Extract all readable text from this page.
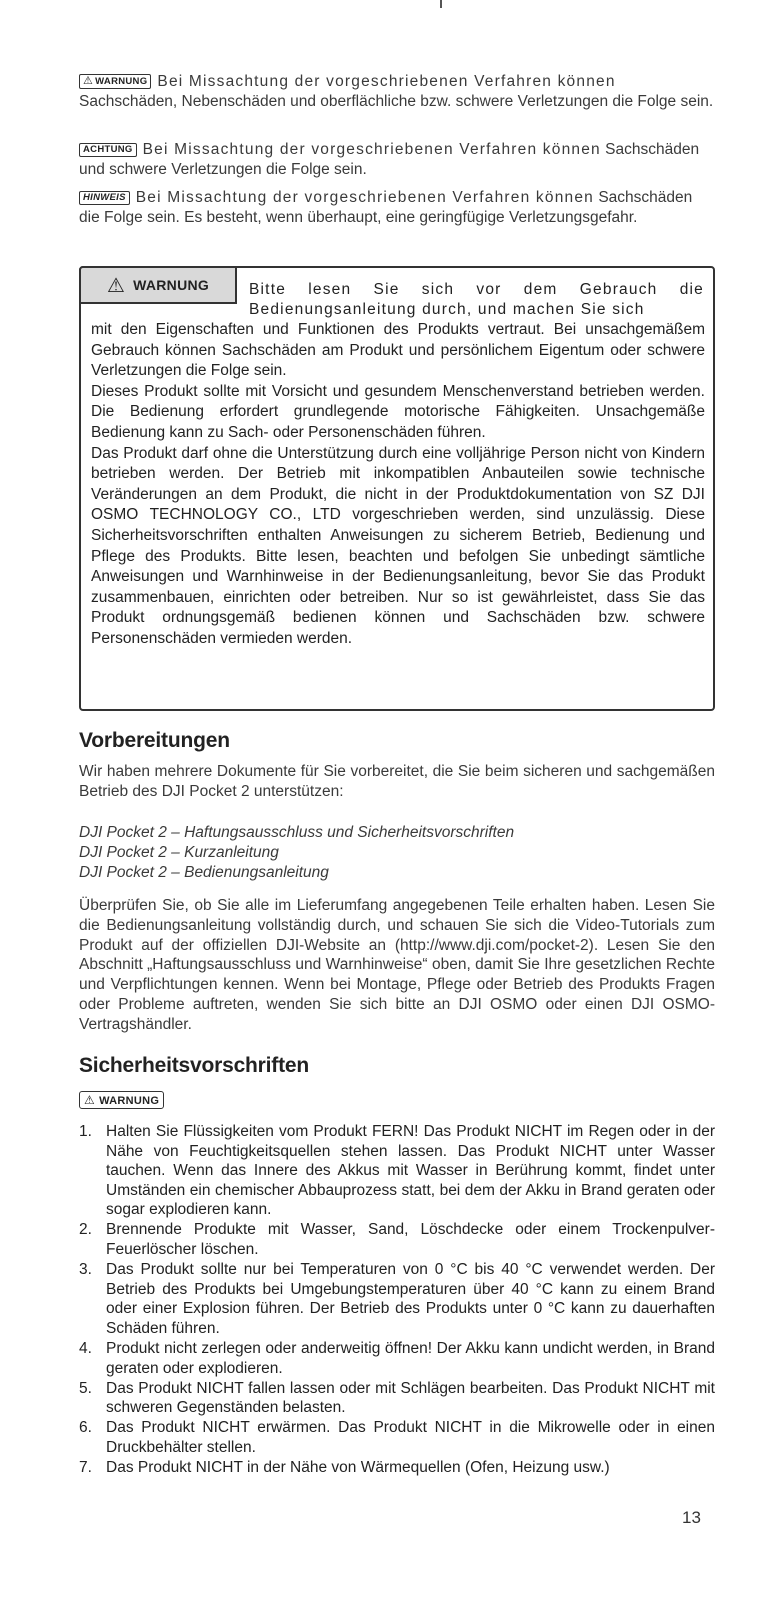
⚠ WARNUNG Bei Missachtung der vorgeschriebenen Verfahren können Sachschäden, Nebenschäden und oberflächliche bzw. schwere Verletzungen die Folge sein.
ACHTUNG Bei Missachtung der vorgeschriebenen Verfahren können Sachschäden und schwere Verletzungen die Folge sein.
HINWEIS Bei Missachtung der vorgeschriebenen Verfahren können Sachschäden die Folge sein. Es besteht, wenn überhaupt, eine geringfügige Verletzungsgefahr.
⚠ WARNUNG	Bitte lesen Sie sich vor dem Gebrauch die Bedienungsanleitung durch, und machen Sie sich

mit den Eigenschaften und Funktionen des Produkts vertraut. Bei unsachgemäßem Gebrauch können Sachschäden am Produkt und persönlichem Eigentum oder schwere Verletzungen die Folge sein.

Dieses Produkt sollte mit Vorsicht und gesundem Menschenverstand betrieben werden. Die Bedienung erfordert grundlegende motorische Fähigkeiten. Unsachgemäße Bedienung kann zu Sach- oder Personenschäden führen.

Das Produkt darf ohne die Unterstützung durch eine volljährige Person nicht von Kindern betrieben werden. Der Betrieb mit inkompatiblen Anbauteilen sowie technische Veränderungen an dem Produkt, die nicht in der Produktdokumentation von SZ DJI OSMO TECHNOLOGY CO., LTD vorgeschrieben werden, sind unzulässig. Diese Sicherheitsvorschriften enthalten Anweisungen zu sicherem Betrieb, Bedienung und Pflege des Produkts. Bitte lesen, beachten und befolgen Sie unbedingt sämtliche Anweisungen und Warnhinweise in der Bedienungsanleitung, bevor Sie das Produkt zusammenbauen, einrichten oder betreiben. Nur so ist gewährleistet, dass Sie das Produkt ordnungsgemäß bedienen können und Sachschäden bzw. schwere Personenschäden vermieden werden.

Vorbereitungen

Wir haben mehrere Dokumente für Sie vorbereitet, die Sie beim sicheren und sachgemäßen Betrieb des DJI Pocket 2 unterstützen:

DJI Pocket 2 – Haftungsausschluss und Sicherheitsvorschriften
DJI Pocket 2 – Kurzanleitung
DJI Pocket 2 – Bedienungsanleitung

Überprüfen Sie, ob Sie alle im Lieferumfang angegebenen Teile erhalten haben. Lesen Sie die Bedienungsanleitung vollständig durch, und schauen Sie sich die Video-Tutorials zum Produkt auf der offiziellen DJI-Website an (http://www.dji.com/pocket-2). Lesen Sie den Abschnitt „Haftungsausschluss und Warnhinweise“ oben, damit Sie Ihre gesetzlichen Rechte und Verpflichtungen kennen. Wenn bei Montage, Pflege oder Betrieb des Produkts Fragen oder Probleme auftreten, wenden Sie sich bitte an DJI OSMO oder einen DJI OSMO-Vertragshändler.

Sicherheitsvorschriften
⚠ WARNUNG
1. Halten Sie Flüssigkeiten vom Produkt FERN! Das Produkt NICHT im Regen oder in der Nähe von Feuchtigkeitsquellen stehen lassen. Das Produkt NICHT unter Wasser tauchen. Wenn das Innere des Akkus mit Wasser in Berührung kommt, findet unter Umständen ein chemischer Abbauprozess statt, bei dem der Akku in Brand geraten oder sogar explodieren kann.
2. Brennende Produkte mit Wasser, Sand, Löschdecke oder einem Trockenpulver-Feuerlöscher löschen.
3. Das Produkt sollte nur bei Temperaturen von 0 °C bis 40 °C verwendet werden. Der Betrieb des Produkts bei Umgebungstemperaturen über 40 °C kann zu einem Brand oder einer Explosion führen. Der Betrieb des Produkts unter 0 °C kann zu dauerhaften Schäden führen.
4. Produkt nicht zerlegen oder anderweitig öffnen! Der Akku kann undicht werden, in Brand geraten oder explodieren.
5. Das Produkt NICHT fallen lassen oder mit Schlägen bearbeiten. Das Produkt NICHT mit schweren Gegenständen belasten.
6. Das Produkt NICHT erwärmen. Das Produkt NICHT in die Mikrowelle oder in einen Druckbehälter stellen.
7. Das Produkt NICHT in der Nähe von Wärmequellen (Ofen, Heizung usw.)
13
